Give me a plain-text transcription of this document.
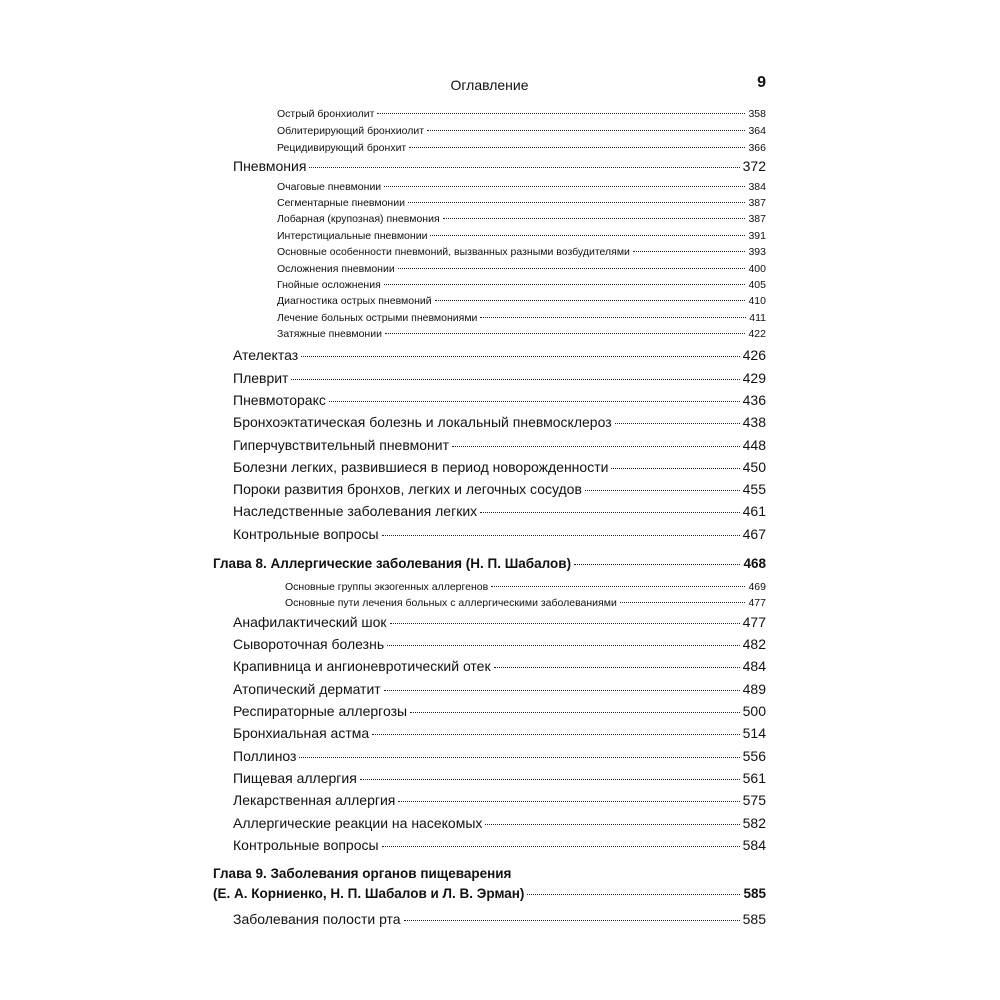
Оглавление	9
Острый бронхиолит	358
Облитерирующий бронхиолит	364
Рецидивирующий бронхит	366
Пневмония	372
Очаговые пневмонии	384
Сегментарные пневмонии	387
Лобарная (крупозная) пневмония	387
Интерстициальные пневмонии	391
Основные особенности пневмоний, вызванных разными возбудителями	393
Осложнения пневмонии	400
Гнойные осложнения	405
Диагностика острых пневмоний	410
Лечение больных острыми пневмониями	411
Затяжные пневмонии	422
Ателектаз	426
Плеврит	429
Пневмоторакс	436
Бронхоэктатическая болезнь и локальный пневмосклероз	438
Гиперчувствительный пневмонит	448
Болезни легких, развившиеся в период новорожденности	450
Пороки развития бронхов, легких и легочных сосудов	455
Наследственные заболевания легких	461
Контрольные вопросы	467
Глава 8. Аллергические заболевания (Н. П. Шабалов)	468
Основные группы экзогенных аллергенов	469
Основные пути лечения больных с аллергическими заболеваниями	477
Анафилактический шок	477
Сывороточная болезнь	482
Крапивница и ангионевротический отек	484
Атопический дерматит	489
Респираторные аллергозы	500
Бронхиальная астма	514
Поллиноз	556
Пищевая аллергия	561
Лекарственная аллергия	575
Аллергические реакции на насекомых	582
Контрольные вопросы	584
Глава 9. Заболевания органов пищеварения
(Е. А. Корниенко, Н. П. Шабалов и Л. В. Эрман)	585
Заболевания полости рта	585
